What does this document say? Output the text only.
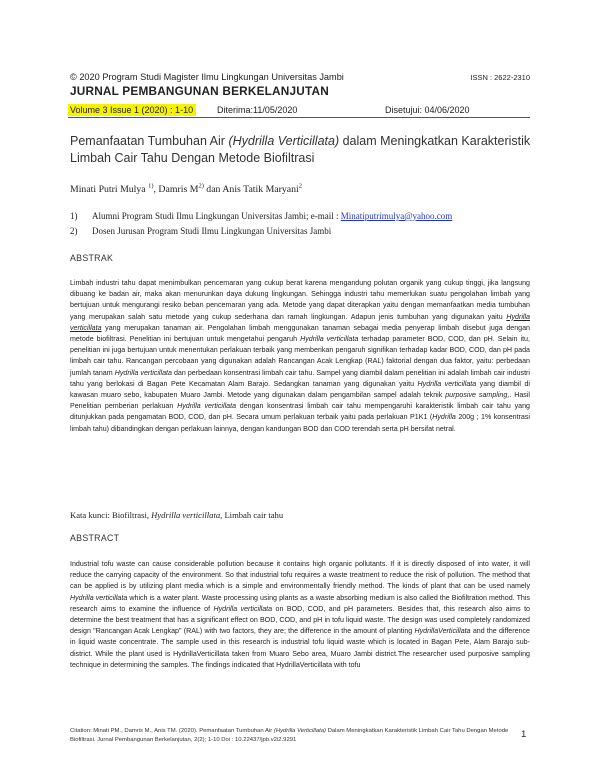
© 2020 Program Studi Magister Ilmu Lingkungan Universitas Jambi	ISSN : 2622-2310
JURNAL PEMBANGUNAN BERKELANJUTAN
Volume 3 Issue 1 (2020) : 1-10	Diterima:11/05/2020	Disetujui: 04/06/2020
Pemanfaatan Tumbuhan Air (Hydrilla Verticillata) dalam Meningkatkan Karakteristik Limbah Cair Tahu Dengan Metode Biofiltrasi
Minati Putri Mulya $^{1)}$, Damris $M^{2)}$ dan Anis Tatik Maryani$^2$
1) Alumni Program Studi Ilmu Lingkungan Universitas Jambi; e-mail : Minatiputrimulya@yahoo.com
2) Dosen Jurusan Program Studi Ilmu Lingkungan Universitas Jambi
ABSTRAK
Limbah industri tahu dapat menimbulkan pencemaran yang cukup berat karena mengandung polutan organik yang cukup tinggi, jika langsung dibuang ke badan air, maka akan menurunkan daya dukung lingkungan. Sehingga industri tahu memerlukan suatu pengolahan limbah yang bertujuan untuk mengurangi resiko beban pencemaran yang ada. Metode yang dapat diterapkan yaitu dengan memanfaatkan media tumbuhan yang merupakan salah satu metode yang cukup sederhana dan ramah lingkungan. Adapun jenis tumbuhan yang digunakan yaitu Hydrilla verticillata yang merupakan tanaman air. Pengolahan limbah menggunakan tanaman sebagai media penyerap limbah disebut juga dengan metode biofiltrasi. Penelitian ini bertujuan untuk mengetahui pengaruh Hydrilla verticillata terhadap parameter BOD, COD, dan pH. Selain itu, penelitian ini juga bertujuan untuk menentukan perlakuan terbaik yang memberikan pengaruh signifikan terhadap kadar BOD, COD, dan pH pada limbah cair tahu. Rancangan percobaan yang digunakan adalah Rancangan Acak Lengkap (RAL) faktorial dengan dua faktor, yaitu: perbedaan jumlah tanam Hydrilla verticillata dan perbedaan konsentrasi limbah cair tahu. Sampel yang diambil dalam penelitian ini adalah limbah cair industri tahu yang berlokasi di Bagan Pete Kecamatan Alam Barajo. Sedangkan tanaman yang digunakan yaitu Hydrilla verticillata yang diambil di kawasan muaro sebo, kabupaten Muaro Jambi. Metode yang digunakan dalam pengambilan sampel adalah teknik purposive sampling,. Hasil Penelitian pemberian perlakuan Hydrilla verticillata dengan konsentrasi limbah cair tahu mempengaruhi karakteristik limbah cair tahu yang ditunjukkan pada pengamatan BOD, COD, dan pH. Secara umum perlakuan terbaik yaitu pada perlakuan P1K1 (Hydrilla 200g ; 1% konsentrasi limbah tahu) dibandingkan dengan perlakuan lainnya, dengan kandungan BOD dan COD terendah serta pH bersifat netral.
Kata kunci: Biofiltrasi, Hydrilla verticillata, Limbah cair tahu
ABSTRACT
Industrial tofu waste can cause considerable pollution because it contains high organic pollutants. If it is directly disposed of into water, it will reduce the carrying capacity of the environment. So that industrial tofu requires a waste treatment to reduce the risk of pollution. The method that can be applied is by utilizing plant media which is a simple and environmentally friendly method. The kinds of plant that can be used namely Hydrilla verticillata which is a water plant. Waste processing using plants as a waste absorbing medium is also called the Biofiltration method. This research aims to examine the influence of Hydrilla verticillata on BOD, COD, and pH parameters. Besides that, this research also aims to determine the best treatment that has a significant effect on BOD, COD, and pH in tofu liquid waste. The design was used completely randomized design "Rancangan Acak Lengkap" (RAL) with two factors, they are; the difference in the amount of planting HydrillaVerticillata and the difference in liquid waste concentrate. The sample used in this research is industrial tofu liquid waste which is located in Bagan Pete, Alam Barajo sub-district. While the plant used is HydrillaVerticillata taken from Muaro Sebo area, Muaro Jambi district.The researcher used purposive sampling technique in determining the samples. The findings indicated that HydrillaVerticillata with tofu
Citation: Minati PM., Damris M., Anis TM. (2020). Pemanfaatan Tumbuhan Air (Hydrilla Verticillata) Dalam Meningkatkan Karakteristik Limbah Cair Tahu Dengan Metode Biofiltrasi. Jurnal Pembangunan Berkelanjutan, 2(2); 1-10 Doi : 10.22437/jpb.v2i2.9291	1
